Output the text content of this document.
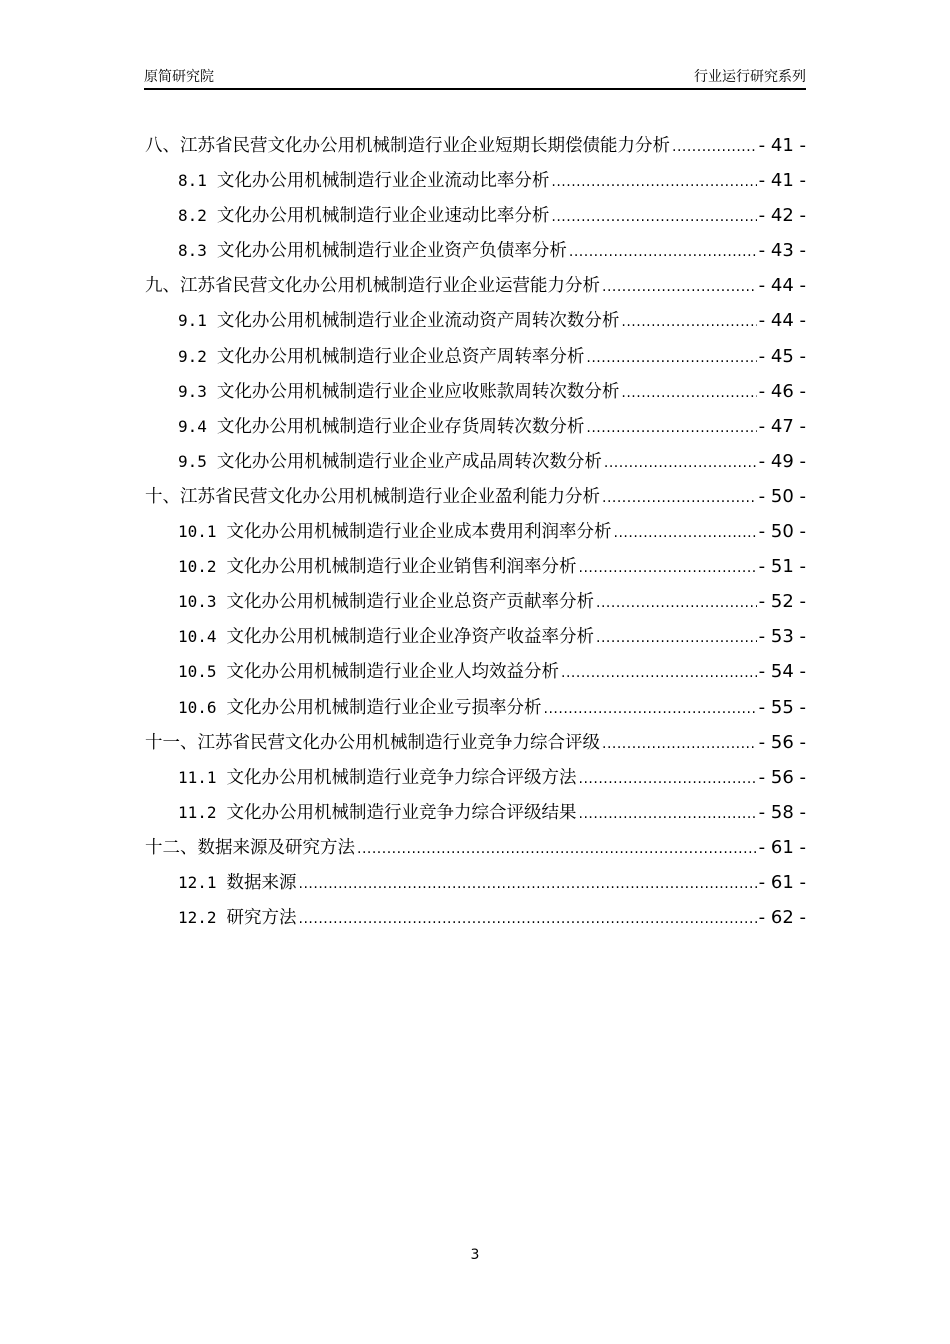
原简研究院	行业运行研究系列
八、江苏省民营文化办公用机械制造行业企业短期长期偿债能力分析 .....	- 41 -
8.1 文化办公用机械制造行业企业流动比率分析 .....	- 41 -
8.2 文化办公用机械制造行业企业速动比率分析 .....	- 42 -
8.3 文化办公用机械制造行业企业资产负债率分析 .....	- 43 -
九、江苏省民营文化办公用机械制造行业企业运营能力分析 .....	- 44 -
9.1 文化办公用机械制造行业企业流动资产周转次数分析 .....	- 44 -
9.2 文化办公用机械制造行业企业总资产周转率分析 .....	- 45 -
9.3 文化办公用机械制造行业企业应收账款周转次数分析 .....	- 46 -
9.4 文化办公用机械制造行业企业存货周转次数分析 .....	- 47 -
9.5 文化办公用机械制造行业企业产成品周转次数分析 .....	- 49 -
十、江苏省民营文化办公用机械制造行业企业盈利能力分析 .....	- 50 -
10.1 文化办公用机械制造行业企业成本费用利润率分析 .....	- 50 -
10.2 文化办公用机械制造行业企业销售利润率分析 .....	- 51 -
10.3 文化办公用机械制造行业企业总资产贡献率分析 .....	- 52 -
10.4 文化办公用机械制造行业企业净资产收益率分析 .....	- 53 -
10.5 文化办公用机械制造行业企业人均效益分析 .....	- 54 -
10.6 文化办公用机械制造行业企业亏损率分析 .....	- 55 -
十一、江苏省民营文化办公用机械制造行业竞争力综合评级 .....	- 56 -
11.1 文化办公用机械制造行业竞争力综合评级方法 .....	- 56 -
11.2 文化办公用机械制造行业竞争力综合评级结果 .....	- 58 -
十二、数据来源及研究方法 .....	- 61 -
12.1 数据来源 .....	- 61 -
12.2 研究方法 .....	- 62 -
3
